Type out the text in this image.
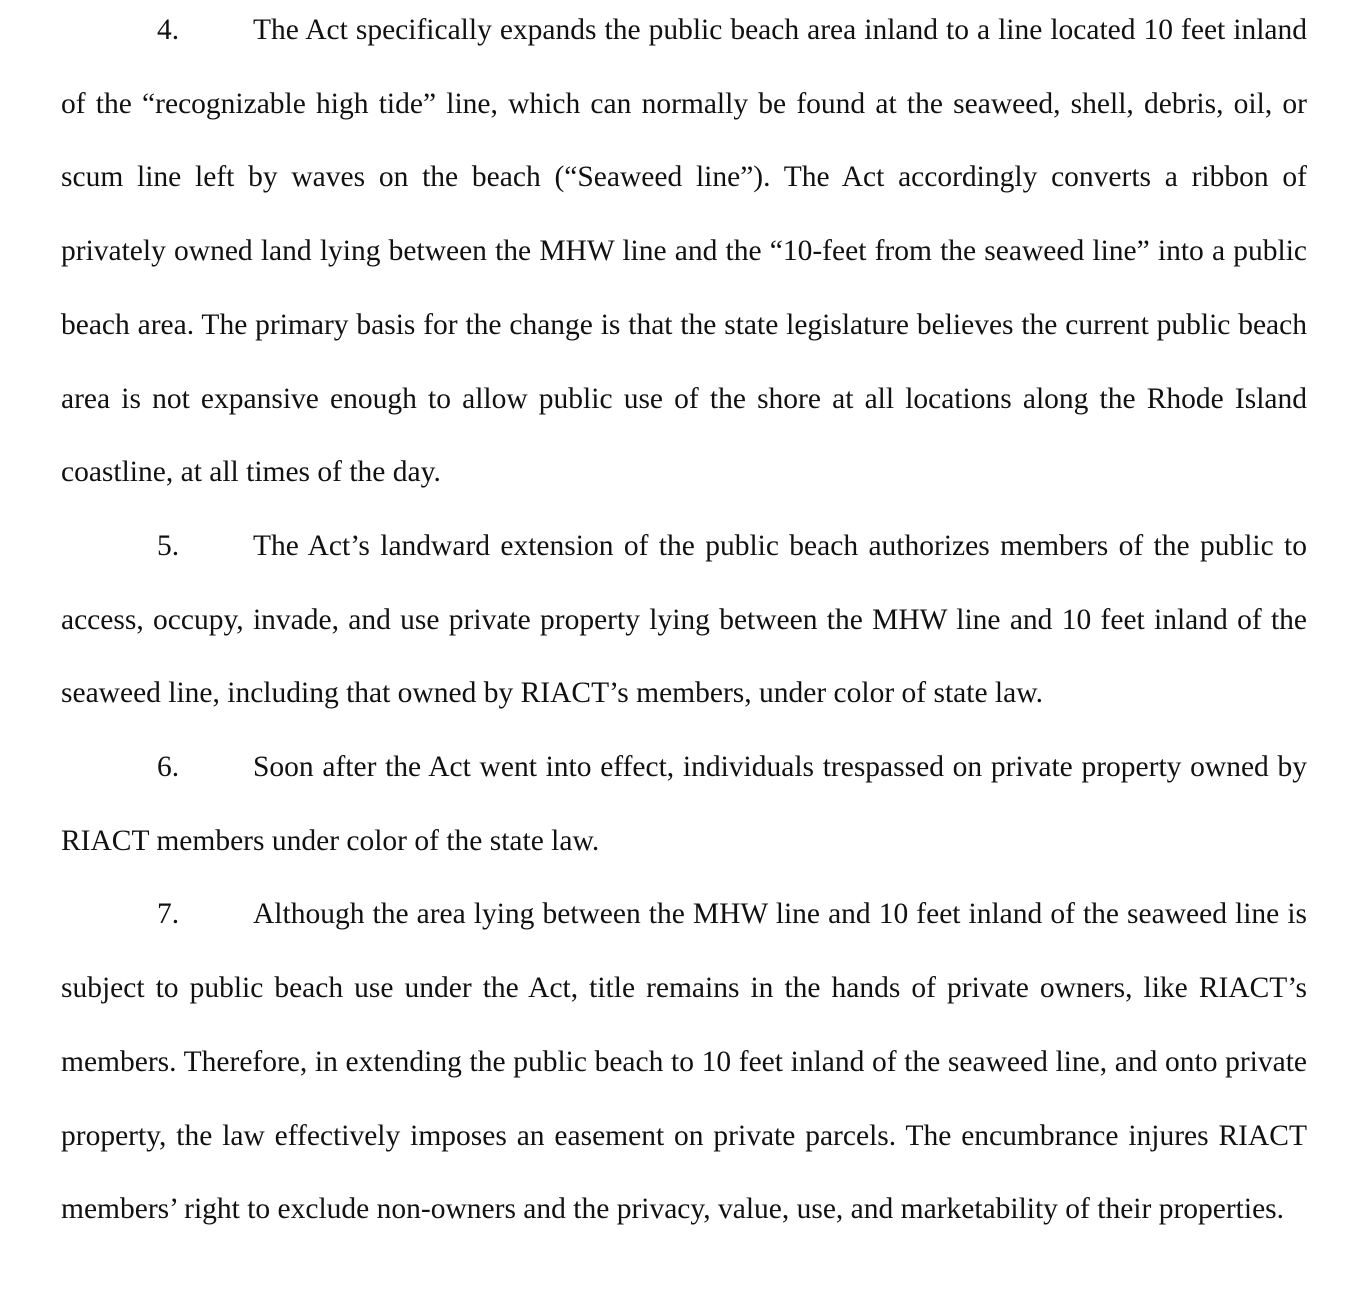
4.	The Act specifically expands the public beach area inland to a line located 10 feet inland of the “recognizable high tide” line, which can normally be found at the seaweed, shell, debris, oil, or scum line left by waves on the beach (“Seaweed line”). The Act accordingly converts a ribbon of privately owned land lying between the MHW line and the “10-feet from the seaweed line” into a public beach area. The primary basis for the change is that the state legislature believes the current public beach area is not expansive enough to allow public use of the shore at all locations along the Rhode Island coastline, at all times of the day.

5.	The Act’s landward extension of the public beach authorizes members of the public to access, occupy, invade, and use private property lying between the MHW line and 10 feet inland of the seaweed line, including that owned by RIACT’s members, under color of state law.

6.	Soon after the Act went into effect, individuals trespassed on private property owned by RIACT members under color of the state law.

7.	Although the area lying between the MHW line and 10 feet inland of the seaweed line is subject to public beach use under the Act, title remains in the hands of private owners, like RIACT’s members. Therefore, in extending the public beach to 10 feet inland of the seaweed line, and onto private property, the law effectively imposes an easement on private parcels. The encumbrance injures RIACT members’ right to exclude non-owners and the privacy, value, use, and marketability of their properties.
